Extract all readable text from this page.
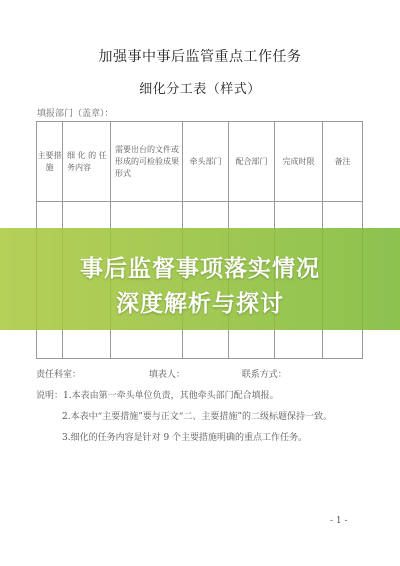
加强事中事后监管重点工作任务
细化分工表（样式）
填报部门（盖章）：
主要措施	细 化 的 任务内容	需要出台的文件或形成的可检验成果形式	牵头部门	配合部门	完成时限	备注

事后监督事项落实情况
深度解析与探讨
责任科室：	填表人：	联系方式：
说明：1.本表由第一牵头单位负责，其他牵头部门配合填报。
2.本表中“主要措施”要与正文“二、主要措施”的二级标题保持一致。
3.细化的任务内容是针对 9 个主要措施明确的重点工作任务。
- 1 -
